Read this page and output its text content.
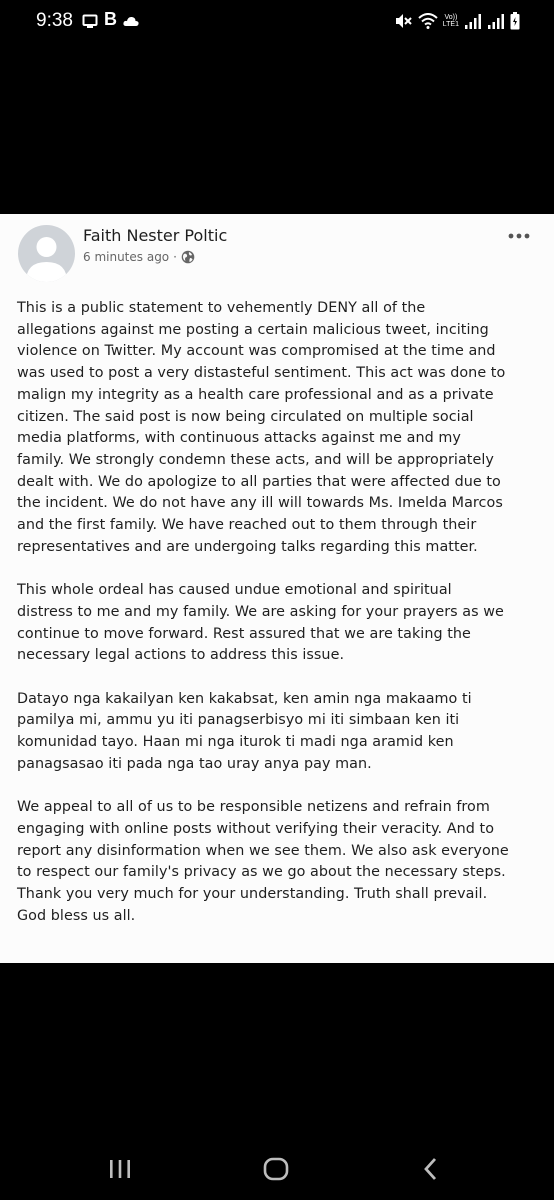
9:38 B	Vo))
LTE1
Faith Nester Poltic
6 minutes ago ·

This is a public statement to vehemently DENY all of the
allegations against me posting a certain malicious tweet, inciting
violence on Twitter. My account was compromised at the time and
was used to post a very distasteful sentiment. This act was done to
malign my integrity as a health care professional and as a private
citizen. The said post is now being circulated on multiple social
media platforms, with continuous attacks against me and my
family. We strongly condemn these acts, and will be appropriately
dealt with. We do apologize to all parties that were affected due to
the incident. We do not have any ill will towards Ms. Imelda Marcos
and the first family. We have reached out to them through their
representatives and are undergoing talks regarding this matter.

This whole ordeal has caused undue emotional and spiritual
distress to me and my family. We are asking for your prayers as we
continue to move forward. Rest assured that we are taking the
necessary legal actions to address this issue.

Datayo nga kakailyan ken kakabsat, ken amin nga makaamo ti
pamilya mi, ammu yu iti panagserbisyo mi iti simbaan ken iti
komunidad tayo. Haan mi nga iturok ti madi nga aramid ken
panagsasao iti pada nga tao uray anya pay man.

We appeal to all of us to be responsible netizens and refrain from
engaging with online posts without verifying their veracity. And to
report any disinformation when we see them. We also ask everyone
to respect our family's privacy as we go about the necessary steps.
Thank you very much for your understanding. Truth shall prevail.
God bless us all.
